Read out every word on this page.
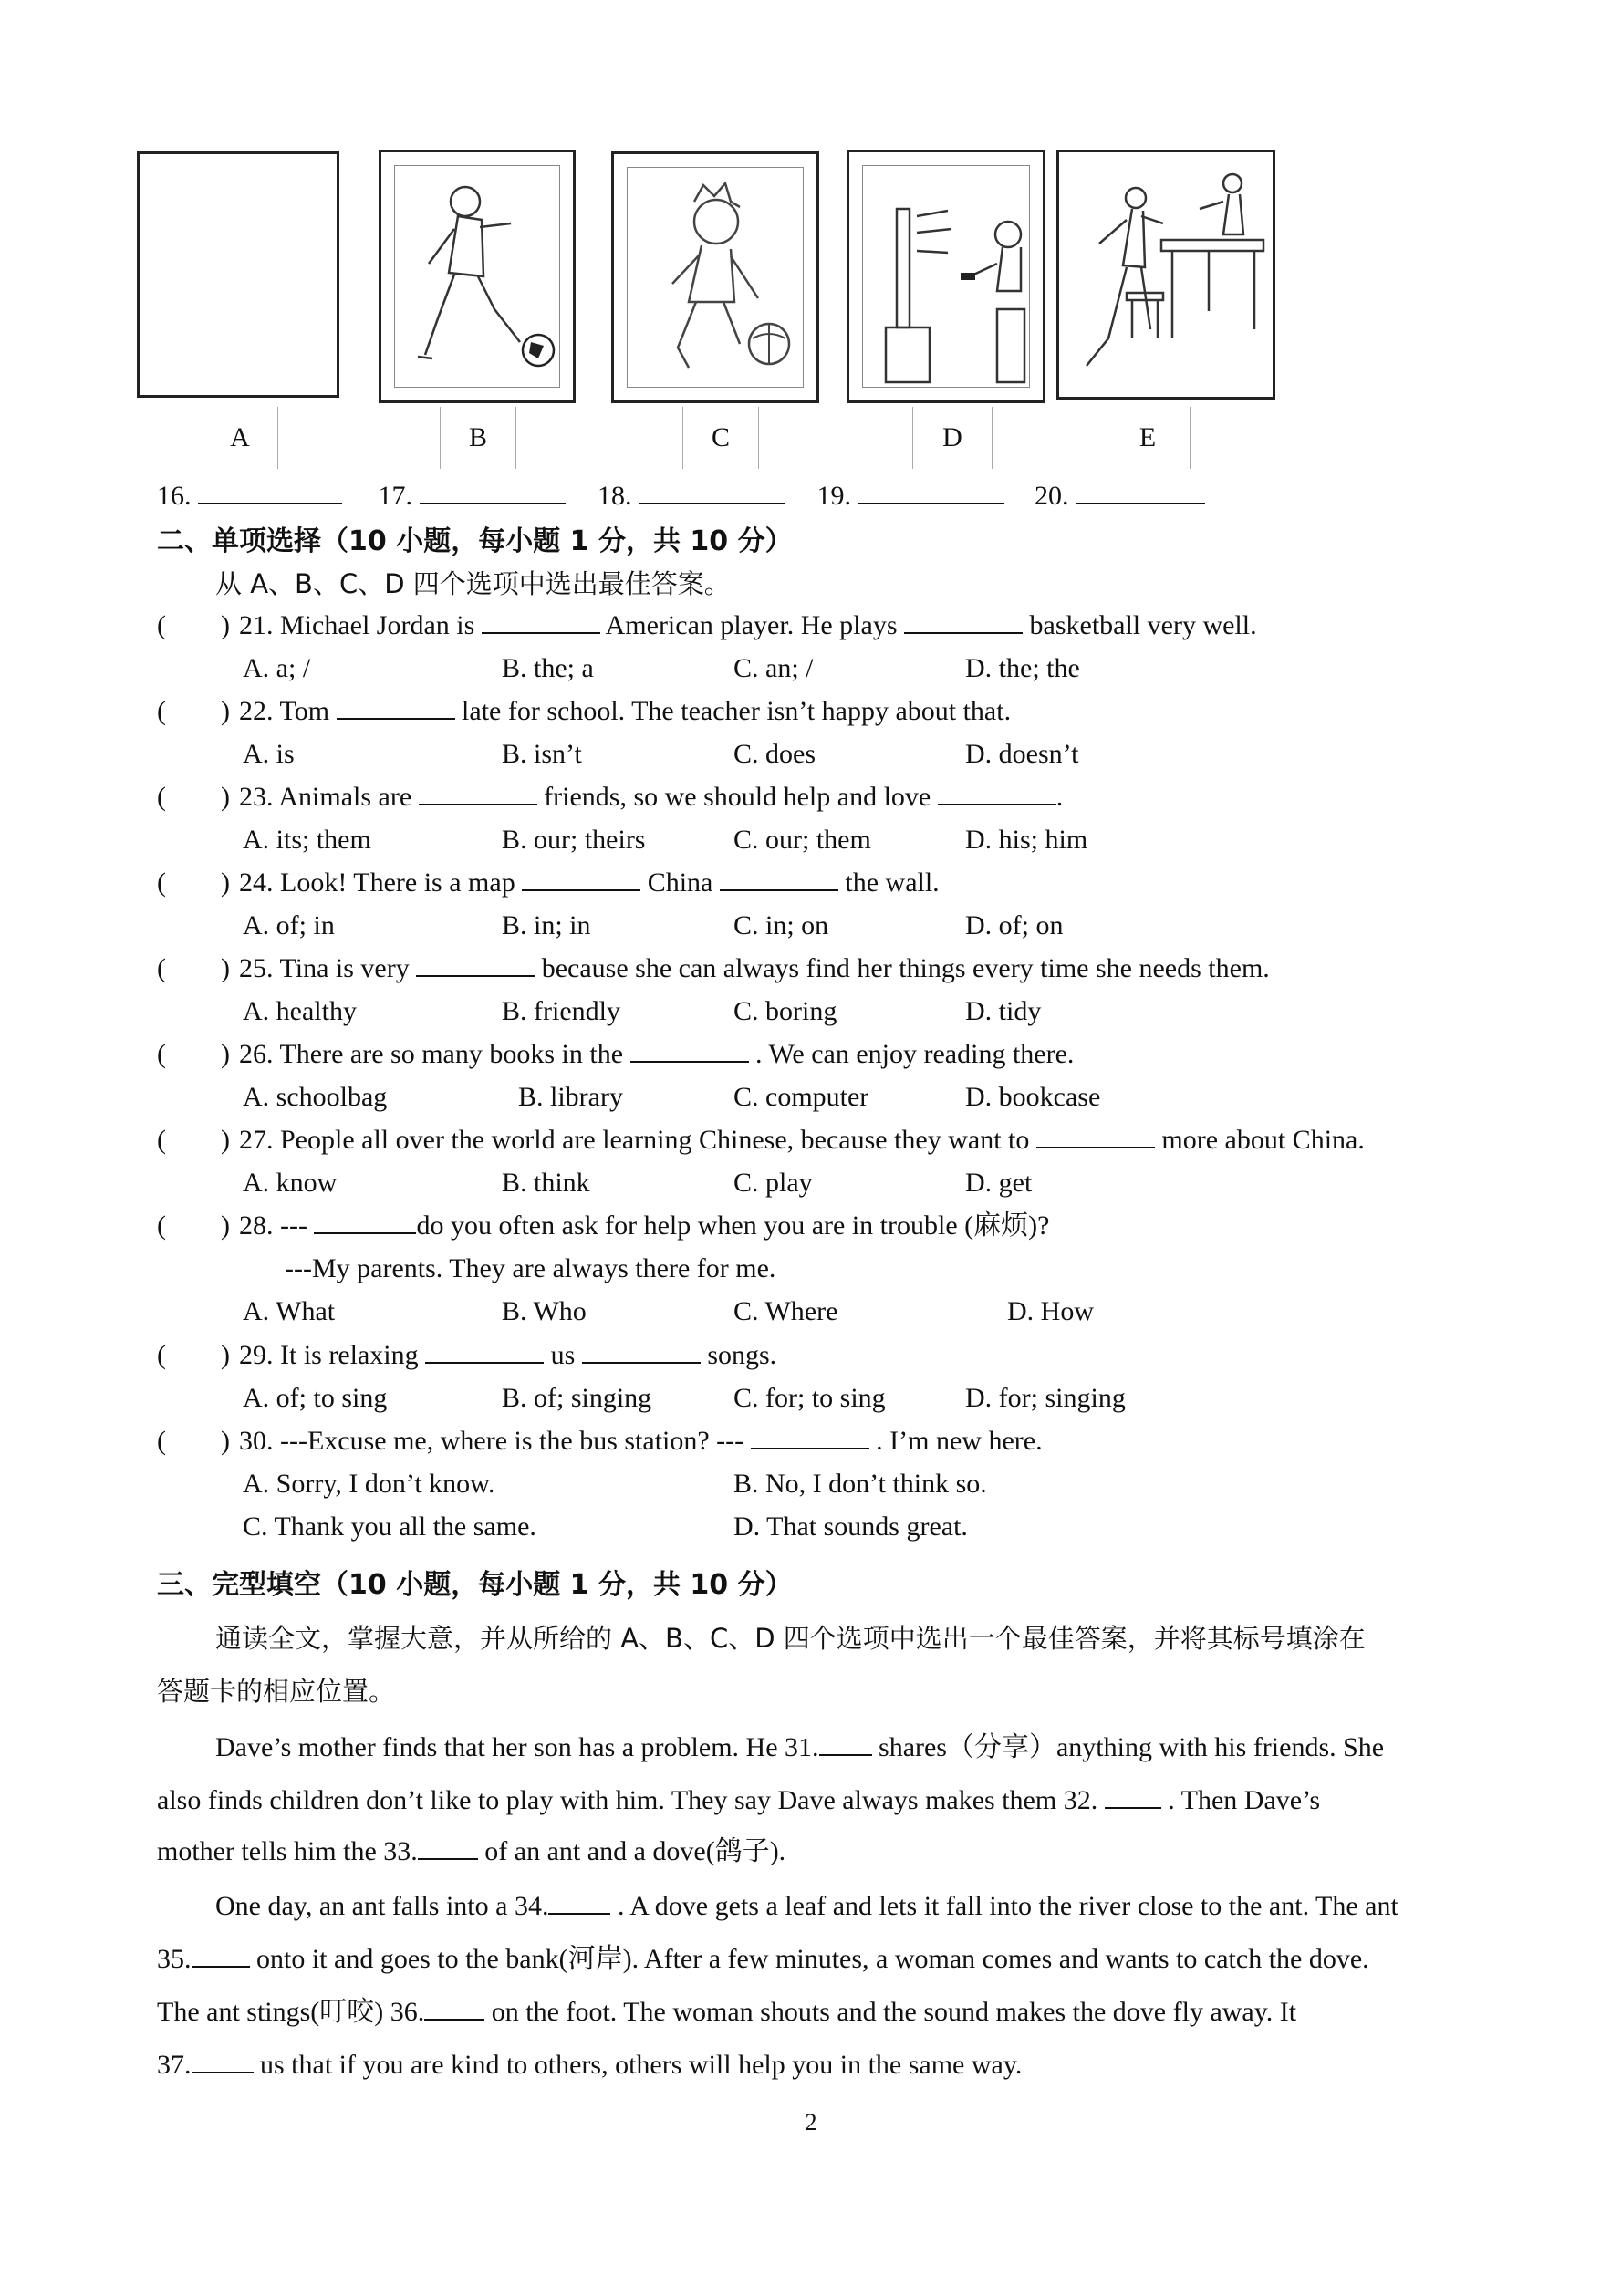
A	B	C	D	E
16.	17.	18.	19.	20.
二、单项选择（10 小题，每小题 1 分，共 10 分）
从 A、B、C、D 四个选项中选出最佳答案。
(        ) 21. Michael Jordan is	American player. He plays	basketball very well.
A. a; /	B. the; a	C. an; /	D. the; the
(        ) 22. Tom	late for school. The teacher isn’t happy about that.
A. is	B. isn’t	C. does	D. doesn’t
(        ) 23. Animals are	friends, so we should help and love	.
A. its; them	B. our; theirs	C. our; them	D. his; him
(        ) 24. Look! There is a map	China	the wall.
A. of; in	B. in; in	C. in; on	D. of; on
(        ) 25. Tina is very	because she can always find her things every time she needs them.
A. healthy	B. friendly	C. boring	D. tidy
(        ) 26. There are so many books in the	. We can enjoy reading there.
A. schoolbag	B. library	C. computer	D. bookcase
(        ) 27. People all over the world are learning Chinese, because they want to	more about China.
A. know	B. think	C. play	D. get
(        ) 28. ---	do you often ask for help when you are in trouble (麻烦)?
---My parents. They are always there for me.
A. What	B. Who	C. Where	D. How
(        ) 29. It is relaxing	us	songs.
A. of; to sing	B. of; singing	C. for; to sing	D. for; singing
(        ) 30. ---Excuse me, where is the bus station? ---	. I’m new here.
A. Sorry, I don’t know.	B. No, I don’t think so.
C. Thank you all the same.	D. That sounds great.
三、完型填空（10 小题，每小题 1 分，共 10 分）
通读全文，掌握大意，并从所给的 A、B、C、D 四个选项中选出一个最佳答案，并将其标号填涂在
答题卡的相应位置。
Dave’s mother finds that her son has a problem. He 31. shares（分享）anything with his friends. She
also finds children don’t like to play with him. They say Dave always makes them 32.  . Then Dave’s
mother tells him the 33. of an ant and a dove(鸽子).
One day, an ant falls into a 34. . A dove gets a leaf and lets it fall into the river close to the ant. The ant
35. onto it and goes to the bank(河岸). After a few minutes, a woman comes and wants to catch the dove.
The ant stings(叮咬) 36. on the foot. The woman shouts and the sound makes the dove fly away. It
37. us that if you are kind to others, others will help you in the same way.
2
